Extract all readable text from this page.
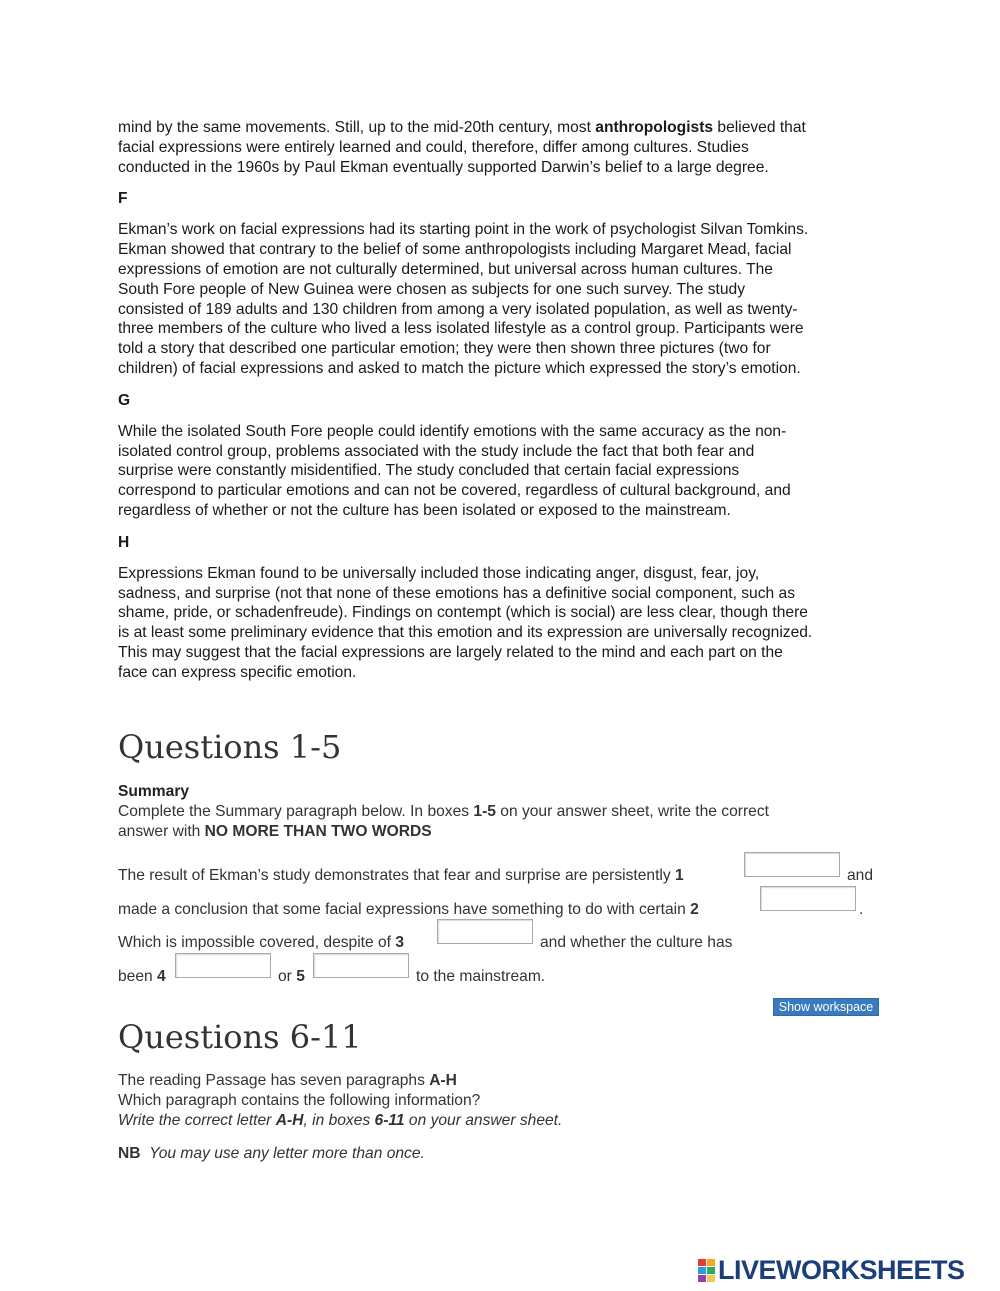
mind by the same movements. Still, up to the mid-20th century, most anthropologists believed that
facial expressions were entirely learned and could, therefore, differ among cultures. Studies
conducted in the 1960s by Paul Ekman eventually supported Darwin’s belief to a large degree.

F

Ekman’s work on facial expressions had its starting point in the work of psychologist Silvan Tomkins.
Ekman showed that contrary to the belief of some anthropologists including Margaret Mead, facial
expressions of emotion are not culturally determined, but universal across human cultures. The
South Fore people of New Guinea were chosen as subjects for one such survey. The study
consisted of 189 adults and 130 children from among a very isolated population, as well as twenty-
three members of the culture who lived a less isolated lifestyle as a control group. Participants were
told a story that described one particular emotion; they were then shown three pictures (two for
children) of facial expressions and asked to match the picture which expressed the story’s emotion.

G

While the isolated South Fore people could identify emotions with the same accuracy as the non-
isolated control group, problems associated with the study include the fact that both fear and
surprise were constantly misidentified. The study concluded that certain facial expressions
correspond to particular emotions and can not be covered, regardless of cultural background, and
regardless of whether or not the culture has been isolated or exposed to the mainstream.

H

Expressions Ekman found to be universally included those indicating anger, disgust, fear, joy,
sadness, and surprise (not that none of these emotions has a definitive social component, such as
shame, pride, or schadenfreude). Findings on contempt (which is social) are less clear, though there
is at least some preliminary evidence that this emotion and its expression are universally recognized.
This may suggest that the facial expressions are largely related to the mind and each part on the
face can express specific emotion.

Questions 1-5
Summary
Complete the Summary paragraph below. In boxes 1-5 on your answer sheet, write the correct
answer with NO MORE THAN TWO WORDS
The result of Ekman’s study demonstrates that fear and surprise are persistently 1	and
made a conclusion that some facial expressions have something to do with certain 2	.
Which is impossible covered, despite of 3	and whether the culture has
been 4	or 5	to the mainstream.
Show workspace
Questions 6-11
The reading Passage has seven paragraphs A-H
Which paragraph contains the following information?
Write the correct letter A-H, in boxes 6-11 on your answer sheet.
NB You may use any letter more than once.
LIVEWORKSHEETS
